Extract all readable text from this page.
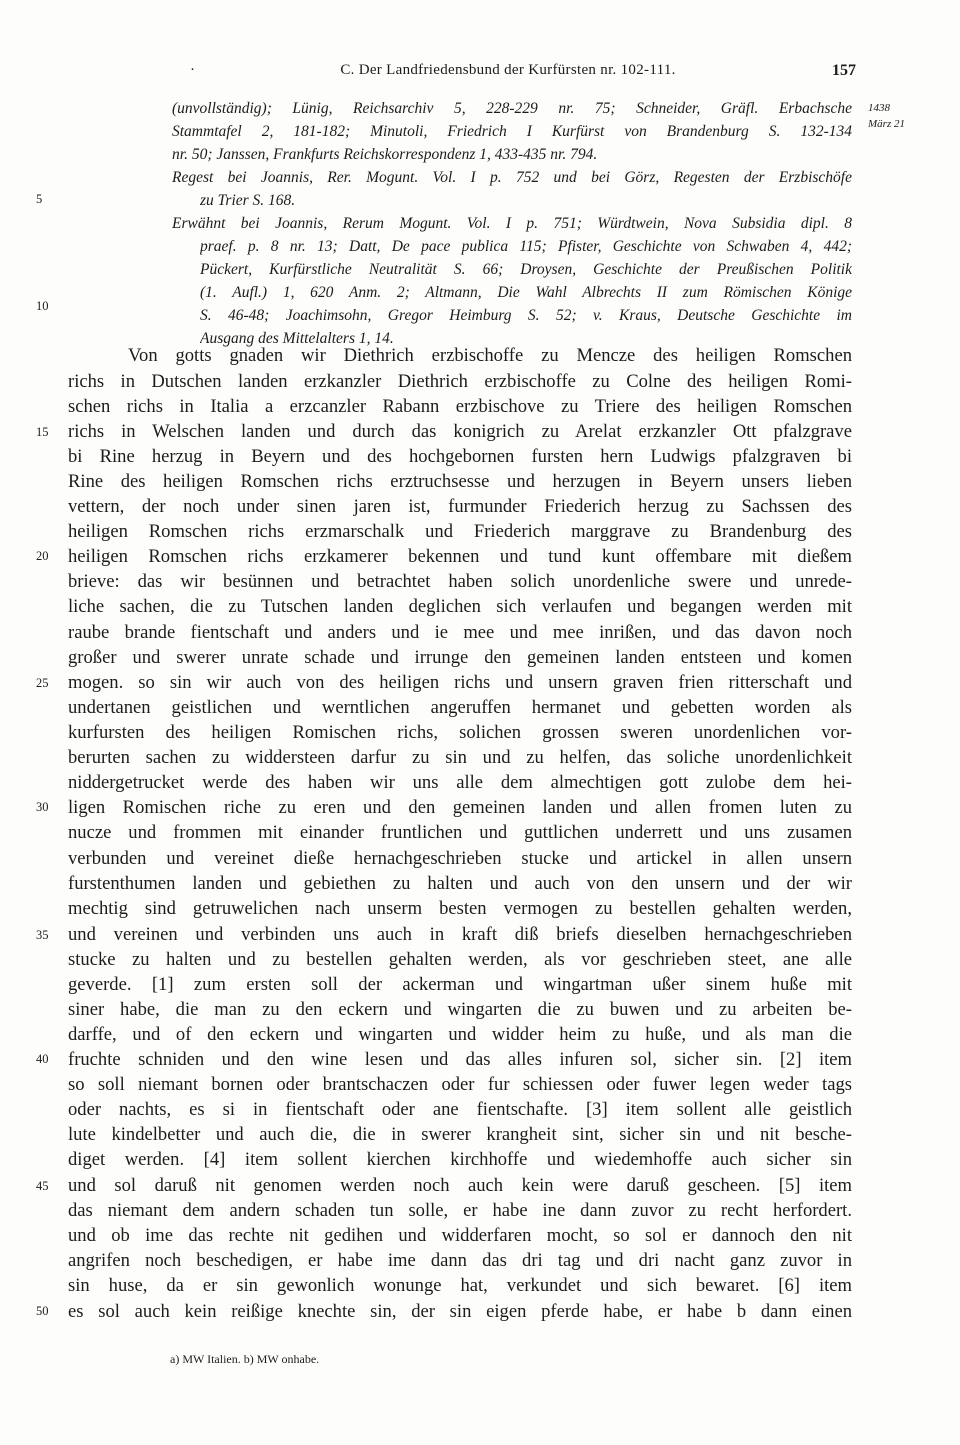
·	C. Der Landfriedensbund der Kurfürsten nr. 102-111.	157
1438
März 21
(unvollständig); Lünig, Reichsarchiv 5, 228-229 nr. 75; Schneider, Gräfl. Erbachsche
Stammtafel 2, 181-182; Minutoli, Friedrich I Kurfürst von Brandenburg S. 132-134
nr. 50; Janssen, Frankfurts Reichskorrespondenz 1, 433-435 nr. 794.
Regest bei Joannis, Rer. Mogunt. Vol. I p. 752 und bei Görz, Regesten der Erzbischöfe
zu Trier S. 168.
Erwähnt bei Joannis, Rerum Mogunt. Vol. I p. 751; Würdtwein, Nova Subsidia dipl. 8
praef. p. 8 nr. 13; Datt, De pace publica 115; Pfister, Geschichte von Schwaben 4, 442;
Pückert, Kurfürstliche Neutralität S. 66; Droysen, Geschichte der Preußischen Politik
(1. Aufl.) 1, 620 Anm. 2; Altmann, Die Wahl Albrechts II zum Römischen Könige
S. 46-48; Joachimsohn, Gregor Heimburg S. 52; v. Kraus, Deutsche Geschichte im
Ausgang des Mittelalters 1, 14.
5
10
15
20
25
30
35
40
45
50
Von gotts gnaden wir Diethrich erzbischoffe zu Mencze des heiligen Romschen
richs in Dutschen landen erzkanzler Diethrich erzbischoffe zu Colne des heiligen Romi-
schen richs in Italia a erzcanzler Rabann erzbischove zu Triere des heiligen Romschen
richs in Welschen landen und durch das konigrich zu Arelat erzkanzler Ott pfalzgrave
bi Rine herzug in Beyern und des hochgebornen fursten hern Ludwigs pfalzgraven bi
Rine des heiligen Romschen richs erztruchsesse und herzugen in Beyern unsers lieben
vettern, der noch under sinen jaren ist, furmunder Friederich herzug zu Sachssen des
heiligen Romschen richs erzmarschalk und Friederich marggrave zu Brandenburg des
heiligen Romschen richs erzkamerer bekennen und tund kunt offembare mit dießem
brieve: das wir besünnen und betrachtet haben solich unordenliche swere und unrede-
liche sachen, die zu Tutschen landen deglichen sich verlaufen und begangen werden mit
raube brande fientschaft und anders und ie mee und mee inrißen, und das davon noch
großer und swerer unrate schade und irrunge den gemeinen landen entsteen und komen
mogen. so sin wir auch von des heiligen richs und unsern graven frien ritterschaft und
undertanen geistlichen und werntlichen angeruffen hermanet und gebetten worden als
kurfursten des heiligen Romischen richs, solichen grossen sweren unordenlichen vor-
berurten sachen zu widdersteen darfur zu sin und zu helfen, das soliche unordenlichkeit
niddergetrucket werde des haben wir uns alle dem almechtigen gott zulobe dem hei-
ligen Romischen riche zu eren und den gemeinen landen und allen fromen luten zu
nucze und frommen mit einander fruntlichen und guttlichen underrett und uns zusamen
verbunden und vereinet dieße hernachgeschrieben stucke und artickel in allen unsern
furstenthumen landen und gebiethen zu halten und auch von den unsern und der wir
mechtig sind getruwelichen nach unserm besten vermogen zu bestellen gehalten werden,
und vereinen und verbinden uns auch in kraft diß briefs dieselben hernachgeschrieben
stucke zu halten und zu bestellen gehalten werden, als vor geschrieben steet, ane alle
geverde. [1] zum ersten soll der ackerman und wingartman ußer sinem huße mit
siner habe, die man zu den eckern und wingarten die zu buwen und zu arbeiten be-
darffe, und of den eckern und wingarten und widder heim zu huße, und als man die
fruchte schniden und den wine lesen und das alles infuren sol, sicher sin. [2] item
so soll niemant bornen oder brantschaczen oder fur schiessen oder fuwer legen weder tags
oder nachts, es si in fientschaft oder ane fientschafte. [3] item sollent alle geistlich
lute kindelbetter und auch die, die in swerer krangheit sint, sicher sin und nit besche-
diget werden. [4] item sollent kierchen kirchhoffe und wiedemhoffe auch sicher sin
und sol daruß nit genomen werden noch auch kein were daruß gescheen. [5] item
das niemant dem andern schaden tun solle, er habe ine dann zuvor zu recht herfordert.
und ob ime das rechte nit gedihen und widderfaren mocht, so sol er dannoch den nit
angrifen noch beschedigen, er habe ime dann das dri tag und dri nacht ganz zuvor in
sin huse, da er sin gewonlich wonunge hat, verkundet und sich bewaret. [6] item
es sol auch kein reißige knechte sin, der sin eigen pferde habe, er habe b dann einen
a) MW Italien. b) MW onhabe.
